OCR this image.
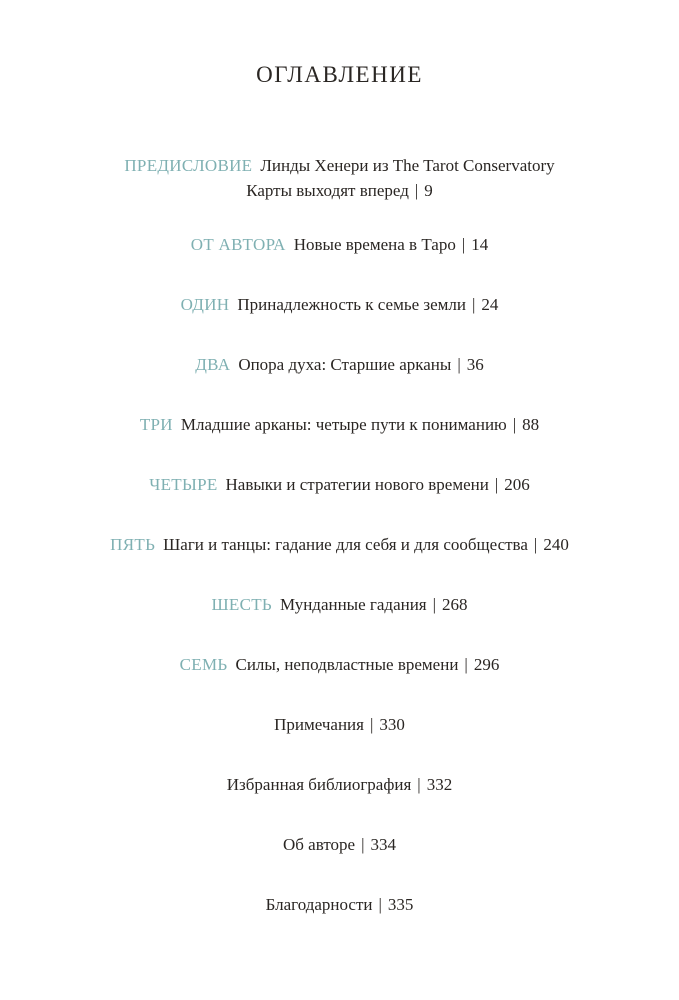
ОГЛАВЛЕНИЕ
ПРЕДИСЛОВИЕ Линды Хенери из The Tarot Conservatory
Карты выходят вперед | 9
ОТ АВТОРА Новые времена в Таро | 14
ОДИН Принадлежность к семье земли | 24
ДВА Опора духа: Старшие арканы | 36
ТРИ Младшие арканы: четыре пути к пониманию | 88
ЧЕТЫРЕ Навыки и стратегии нового времени | 206
ПЯТЬ Шаги и танцы: гадание для себя и для сообщества | 240
ШЕСТЬ Мунданные гадания | 268
СЕМЬ Силы, неподвластные времени | 296
Примечания | 330
Избранная библиография | 332
Об авторе | 334
Благодарности | 335
